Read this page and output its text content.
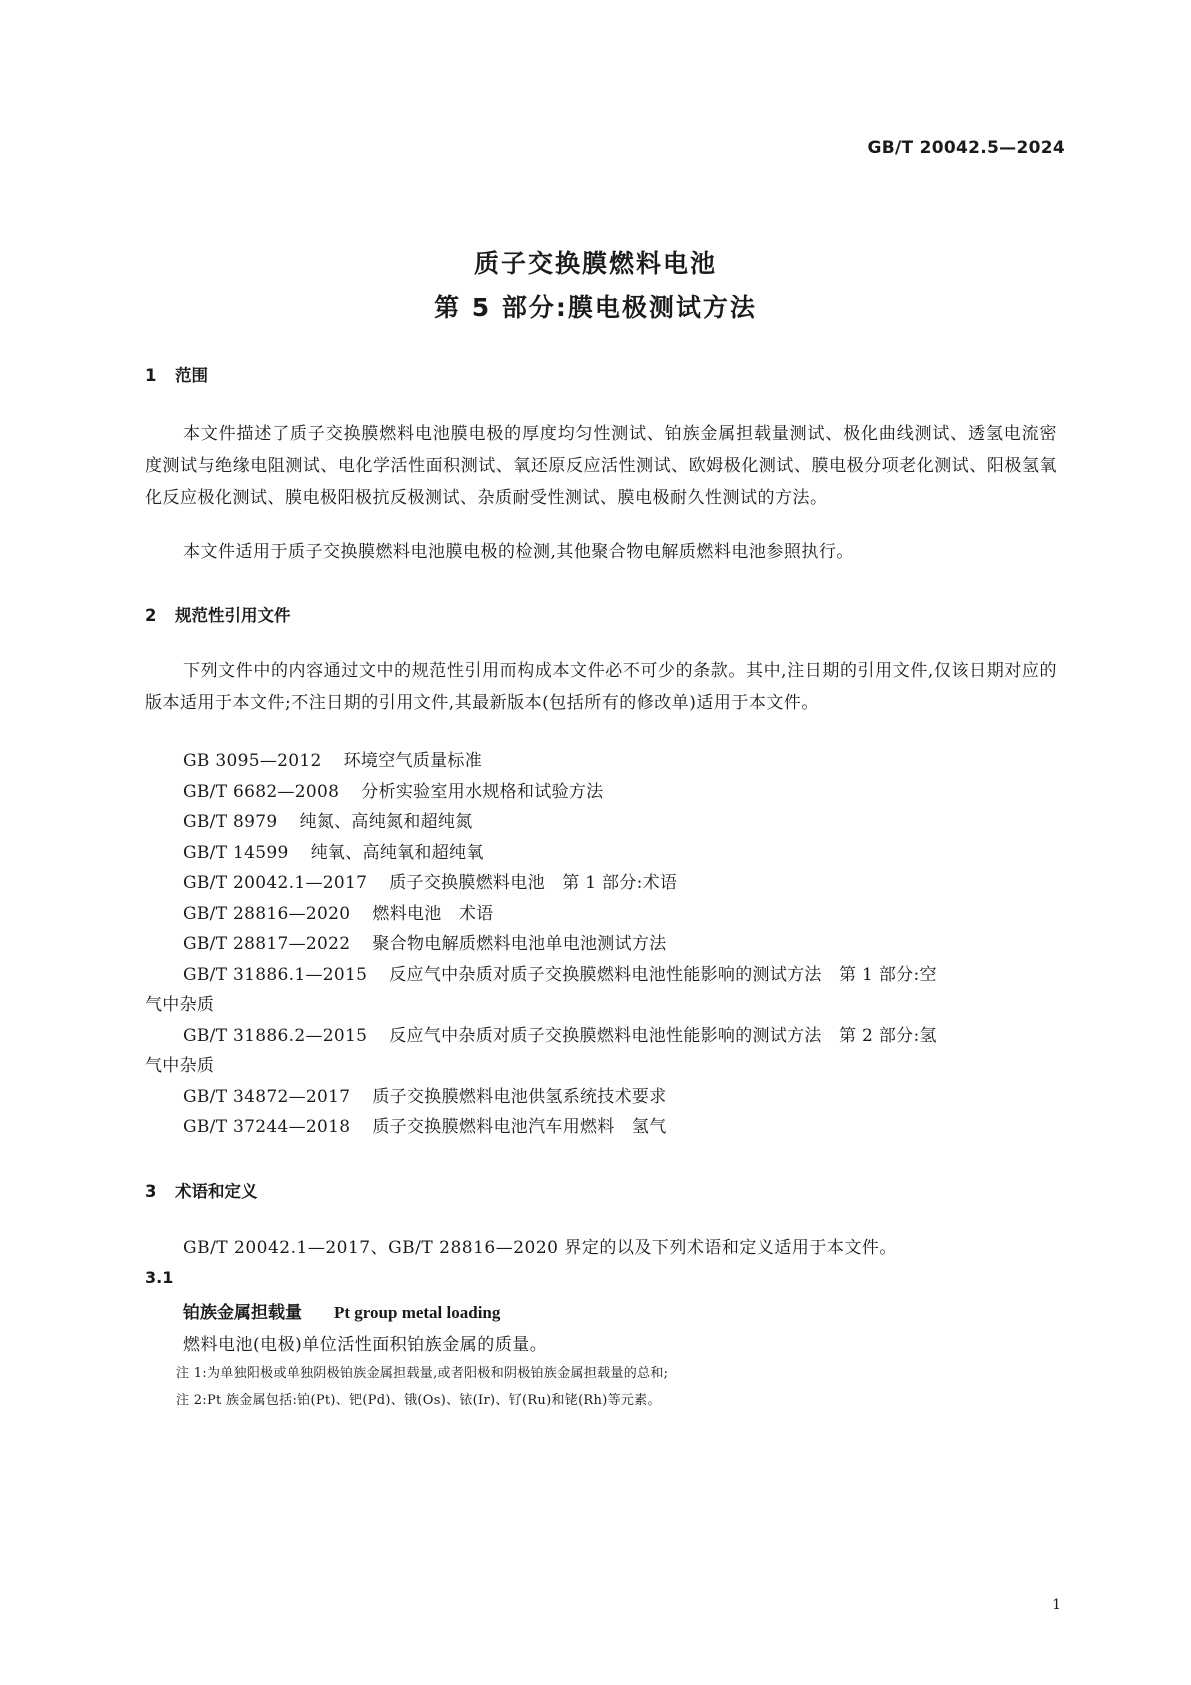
GB/T 20042.5—2024
质子交换膜燃料电池
第 5 部分:膜电极测试方法
1 范围
本文件描述了质子交换膜燃料电池膜电极的厚度均匀性测试、铂族金属担载量测试、极化曲线测试、透氢电流密度测试与绝缘电阻测试、电化学活性面积测试、氧还原反应活性测试、欧姆极化测试、膜电极分项老化测试、阳极氢氧化反应极化测试、膜电极阳极抗反极测试、杂质耐受性测试、膜电极耐久性测试的方法。
本文件适用于质子交换膜燃料电池膜电极的检测,其他聚合物电解质燃料电池参照执行。
2 规范性引用文件
下列文件中的内容通过文中的规范性引用而构成本文件必不可少的条款。其中,注日期的引用文件,仅该日期对应的版本适用于本文件;不注日期的引用文件,其最新版本(包括所有的修改单)适用于本文件。
GB 3095—2012 环境空气质量标准
GB/T 6682—2008 分析实验室用水规格和试验方法
GB/T 8979 纯氮、高纯氮和超纯氮
GB/T 14599 纯氧、高纯氧和超纯氧
GB/T 20042.1—2017 质子交换膜燃料电池　第 1 部分:术语
GB/T 28816—2020 燃料电池　术语
GB/T 28817—2022 聚合物电解质燃料电池单电池测试方法
GB/T 31886.1—2015 反应气中杂质对质子交换膜燃料电池性能影响的测试方法　第 1 部分:空
气中杂质
GB/T 31886.2—2015 反应气中杂质对质子交换膜燃料电池性能影响的测试方法　第 2 部分:氢
气中杂质
GB/T 34872—2017 质子交换膜燃料电池供氢系统技术要求
GB/T 37244—2018 质子交换膜燃料电池汽车用燃料　氢气
3 术语和定义
GB/T 20042.1—2017、GB/T 28816—2020 界定的以及下列术语和定义适用于本文件。
3.1
铂族金属担载量 Pt group metal loading
燃料电池(电极)单位活性面积铂族金属的质量。
注 1:为单独阳极或单独阴极铂族金属担载量,或者阳极和阴极铂族金属担载量的总和;
注 2:Pt 族金属包括:铂(Pt)、钯(Pd)、锇(Os)、铱(Ir)、钌(Ru)和铑(Rh)等元素。
1
